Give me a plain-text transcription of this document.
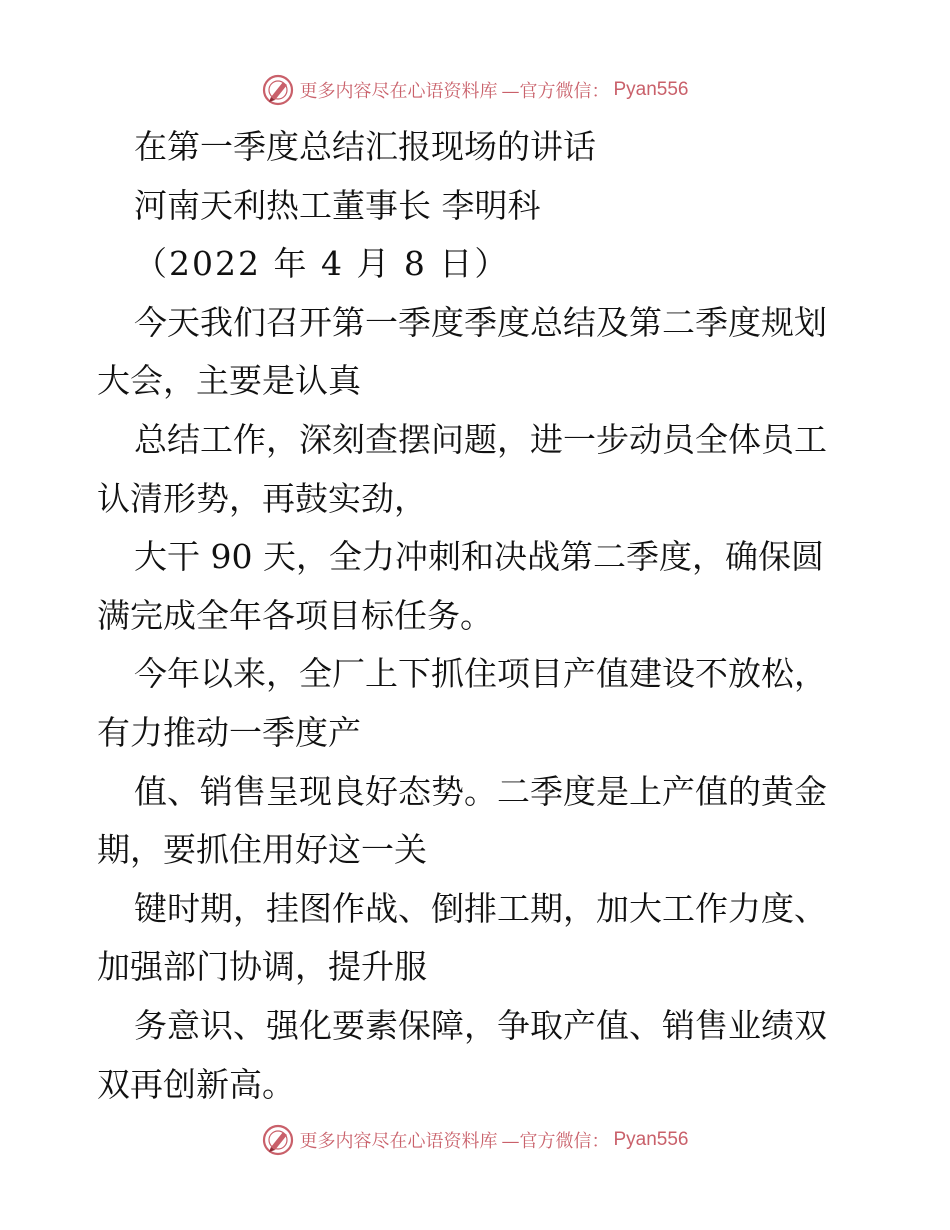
更多内容尽在心语资料库 —官方微信： Pyan556
在第一季度总结汇报现场的讲话
河南天利热工董事长 李明科
（2022 年 4 月 8 日）
今天我们召开第一季度季度总结及第二季度规划
大会，主要是认真
总结工作，深刻查摆问题，进一步动员全体员工
认清形势，再鼓实劲，
大干 90 天，全力冲刺和决战第二季度，确保圆
满完成全年各项目标任务。
今年以来，全厂上下抓住项目产值建设不放松，
有力推动一季度产
值、销售呈现良好态势。二季度是上产值的黄金
期，要抓住用好这一关
键时期，挂图作战、倒排工期，加大工作力度、
加强部门协调，提升服
务意识、强化要素保障，争取产值、销售业绩双
双再创新高。
更多内容尽在心语资料库 —官方微信： Pyan556
